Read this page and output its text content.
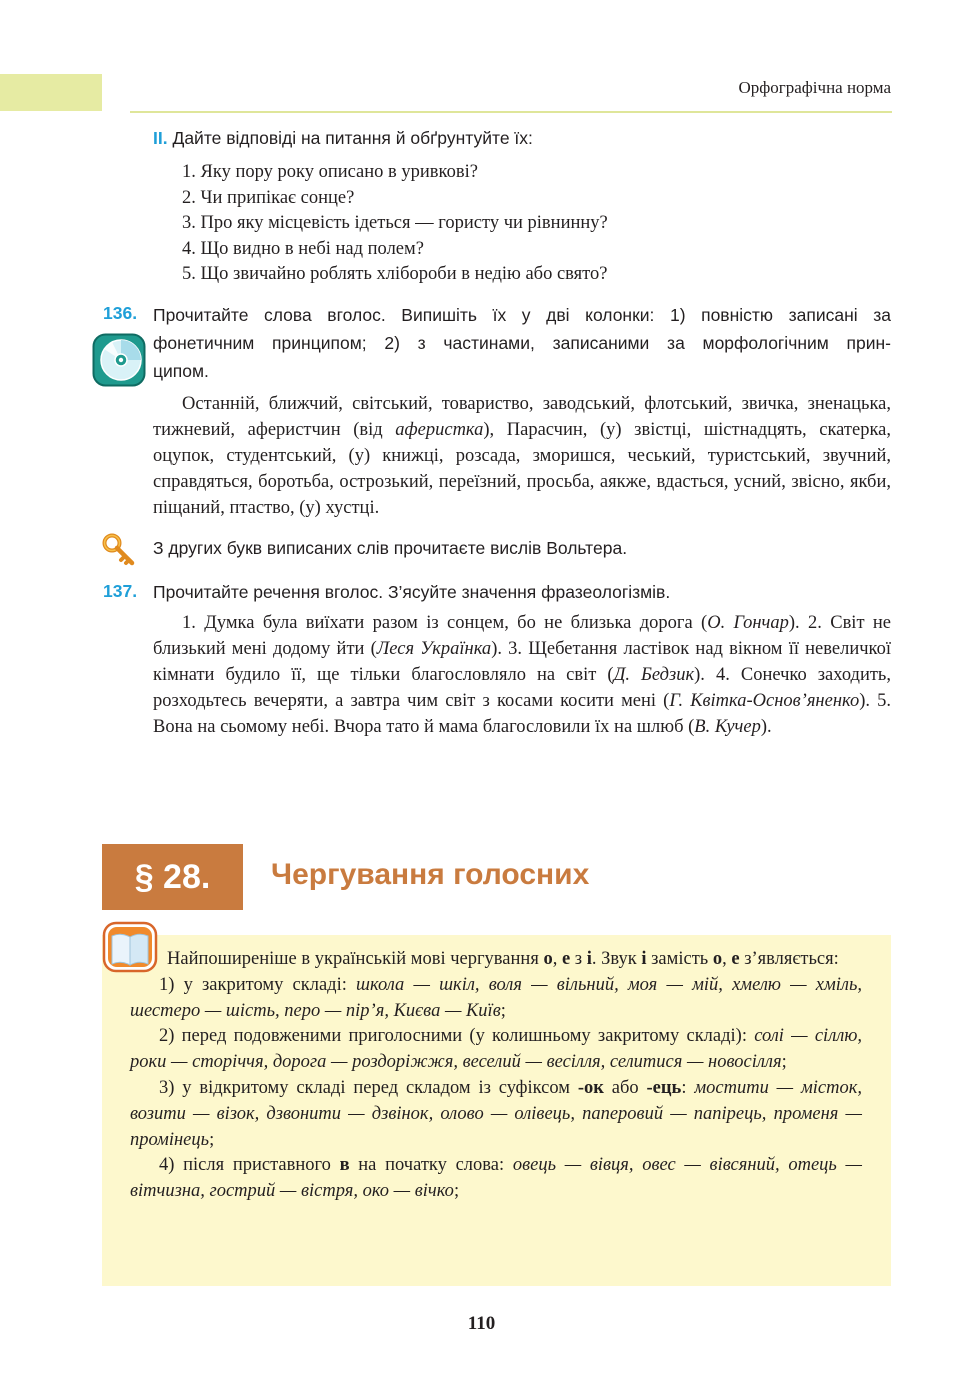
Орфографічна норма
II. Дайте відповіді на питання й обґрунтуйте їх:
1. Яку пору року описано в уривкові?
2. Чи припікає сонце?
3. Про яку місцевість ідеться — гористу чи рівнинну?
4. Що видно в небі над полем?
5. Що звичайно роблять хлібороби в недію або свято?
136. Прочитайте слова вголос. Випишіть їх у дві колонки: 1) повністю записані за
фонетичним принципом; 2) з частинами, записаними за морфологічним прин-
ципом.
Останній, ближчий, світський, товариство, заводський, флотський, звичка, зненацька, тижневий, аферистчин (від аферистка), Парасчин, (у) звістці, шістнадцять, скатерка, оцупок, студентський, (у) книжці, розсада, зморишся, чеський, туристський, звучний, справдяться, боротьба, острозький, переїзний, просьба, аякже, вдасться, усний, звісно, якби, піщаний, птаство, (у) хустці.
З других букв виписаних слів прочитаєте вислів Вольтера.
137. Прочитайте речення вголос. З’ясуйте значення фразеологізмів.
1. Думка була виїхати разом із сонцем, бо не близька дорога (О. Гончар). 2. Світ не близький мені додому йти (Леся Українка). 3. Щебетання ластівок над вікном її невеличкої кімнати будило її, ще тільки благословляло на світ (Д. Бедзик). 4. Сонечко заходить, розходьтесь вечеряти, а завтра чим світ з косами косити мені (Г. Квітка-Основ’яненко). 5. Вона на сьомому небі. Вчора тато й мама благословили їх на шлюб (В. Кучер).
§ 28.	Чергування голосних

Найпоширеніше в українській мові чергування о, е з і. Звук і замість о, е з’являється:

1) у закритому складі: школа — шкіл, воля — вільний, моя — мій, хмелю — хміль, шестеро — шість, перо — пір’я, Києва — Київ;

2) перед подовженими приголосними (у колишньому закритому складі): солі — сіллю, роки — сторіччя, дорога — роздоріжжя, веселий — весілля, селитися — новосілля;

3) у відкритому складі перед складом із суфіксом -ок або -ець: мостити — місток, возити — візок, дзвонити — дзвінок, олово — олівець, паперовий — папірець, променя — промінець;

4) після приставного в на початку слова: овець — вівця, овес — вівсяний, отець — вітчизна, гострий — вістря, око — вічко;

110
